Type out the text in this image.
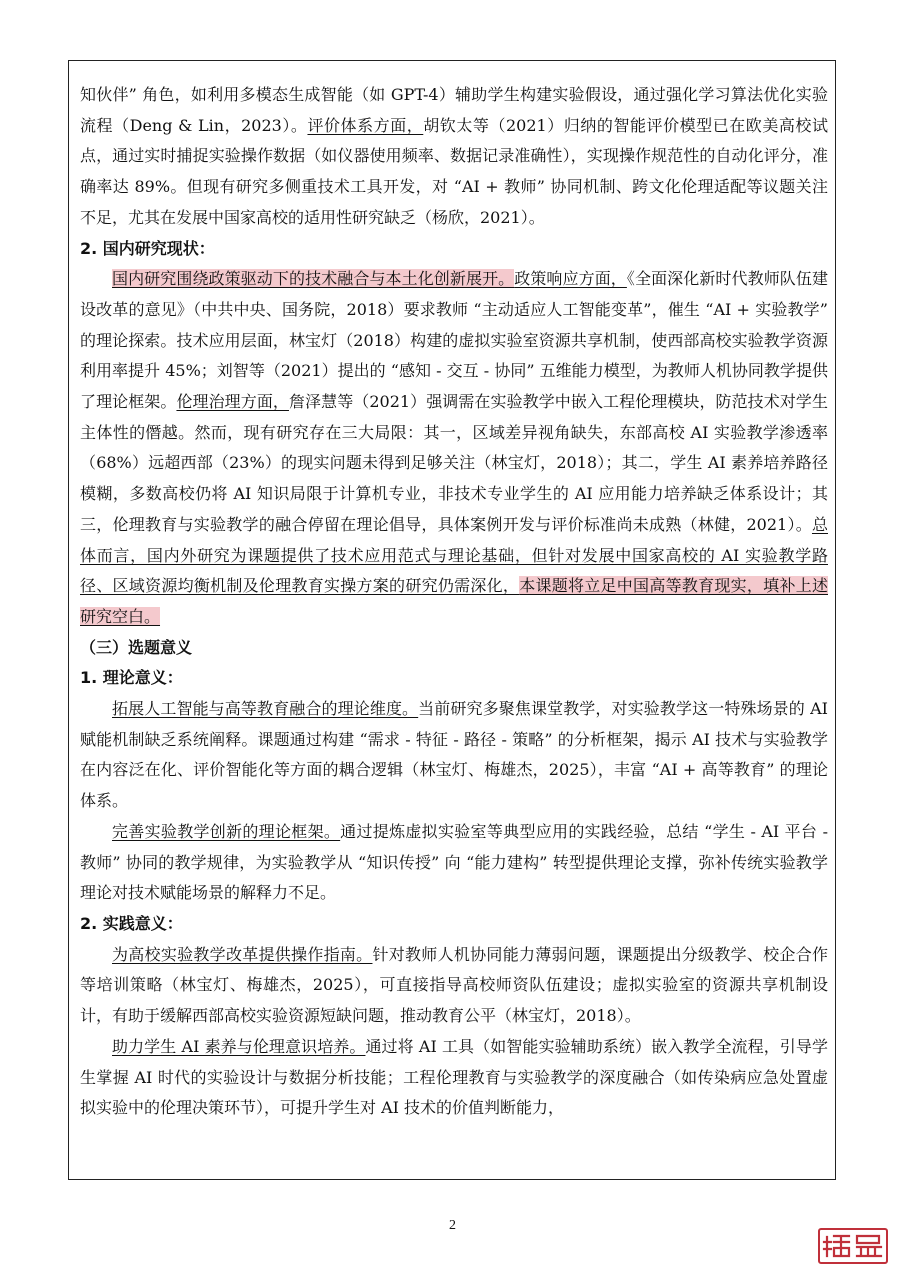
知伙伴” 角色，如利用多模态生成智能（如 GPT-4）辅助学生构建实验假设，通过强化学习算法优化实验流程（Deng & Lin，2023）。评价体系方面，胡钦太等（2021）归纳的智能评价模型已在欧美高校试点，通过实时捕捉实验操作数据（如仪器使用频率、数据记录准确性），实现操作规范性的自动化评分，准确率达 89%。但现有研究多侧重技术工具开发，对 “AI + 教师” 协同机制、跨文化伦理适配等议题关注不足，尤其在发展中国家高校的适用性研究缺乏（杨欣，2021）。

2. 国内研究现状：

国内研究围绕政策驱动下的技术融合与本土化创新展开。政策响应方面，《全面深化新时代教师队伍建设改革的意见》（中共中央、国务院，2018）要求教师 “主动适应人工智能变革”，催生 “AI + 实验教学” 的理论探索。技术应用层面，林宝灯（2018）构建的虚拟实验室资源共享机制，使西部高校实验教学资源利用率提升 45%；刘智等（2021）提出的 “感知 - 交互 - 协同” 五维能力模型，为教师人机协同教学提供了理论框架。伦理治理方面，詹泽慧等（2021）强调需在实验教学中嵌入工程伦理模块，防范技术对学生主体性的僭越。然而，现有研究存在三大局限：其一，区域差异视角缺失，东部高校 AI 实验教学渗透率（68%）远超西部（23%）的现实问题未得到足够关注（林宝灯，2018）；其二，学生 AI 素养培养路径模糊，多数高校仍将 AI 知识局限于计算机专业，非技术专业学生的 AI 应用能力培养缺乏体系设计；其三，伦理教育与实验教学的融合停留在理论倡导，具体案例开发与评价标准尚未成熟（林健，2021）。总体而言，国内外研究为课题提供了技术应用范式与理论基础，但针对发展中国家高校的 AI 实验教学路径、区域资源均衡机制及伦理教育实操方案的研究仍需深化，本课题将立足中国高等教育现实，填补上述研究空白。

（三）选题意义

1. 理论意义：

拓展人工智能与高等教育融合的理论维度。当前研究多聚焦课堂教学，对实验教学这一特殊场景的 AI 赋能机制缺乏系统阐释。课题通过构建 “需求 - 特征 - 路径 - 策略” 的分析框架，揭示 AI 技术与实验教学在内容泛在化、评价智能化等方面的耦合逻辑（林宝灯、梅雄杰，2025），丰富 “AI + 高等教育” 的理论体系。

完善实验教学创新的理论框架。通过提炼虚拟实验室等典型应用的实践经验，总结 “学生 - AI 平台 - 教师” 协同的教学规律，为实验教学从 “知识传授” 向 “能力建构” 转型提供理论支撑，弥补传统实验教学理论对技术赋能场景的解释力不足。

2. 实践意义：

为高校实验教学改革提供操作指南。针对教师人机协同能力薄弱问题，课题提出分级教学、校企合作等培训策略（林宝灯、梅雄杰，2025），可直接指导高校师资队伍建设；虚拟实验室的资源共享机制设计，有助于缓解西部高校实验资源短缺问题，推动教育公平（林宝灯，2018）。

助力学生 AI 素养与伦理意识培养。通过将 AI 工具（如智能实验辅助系统）嵌入教学全流程，引导学生掌握 AI 时代的实验设计与数据分析技能；工程伦理教育与实验教学的深度融合（如传染病应急处置虚拟实验中的伦理决策环节），可提升学生对 AI 技术的价值判断能力，

2
